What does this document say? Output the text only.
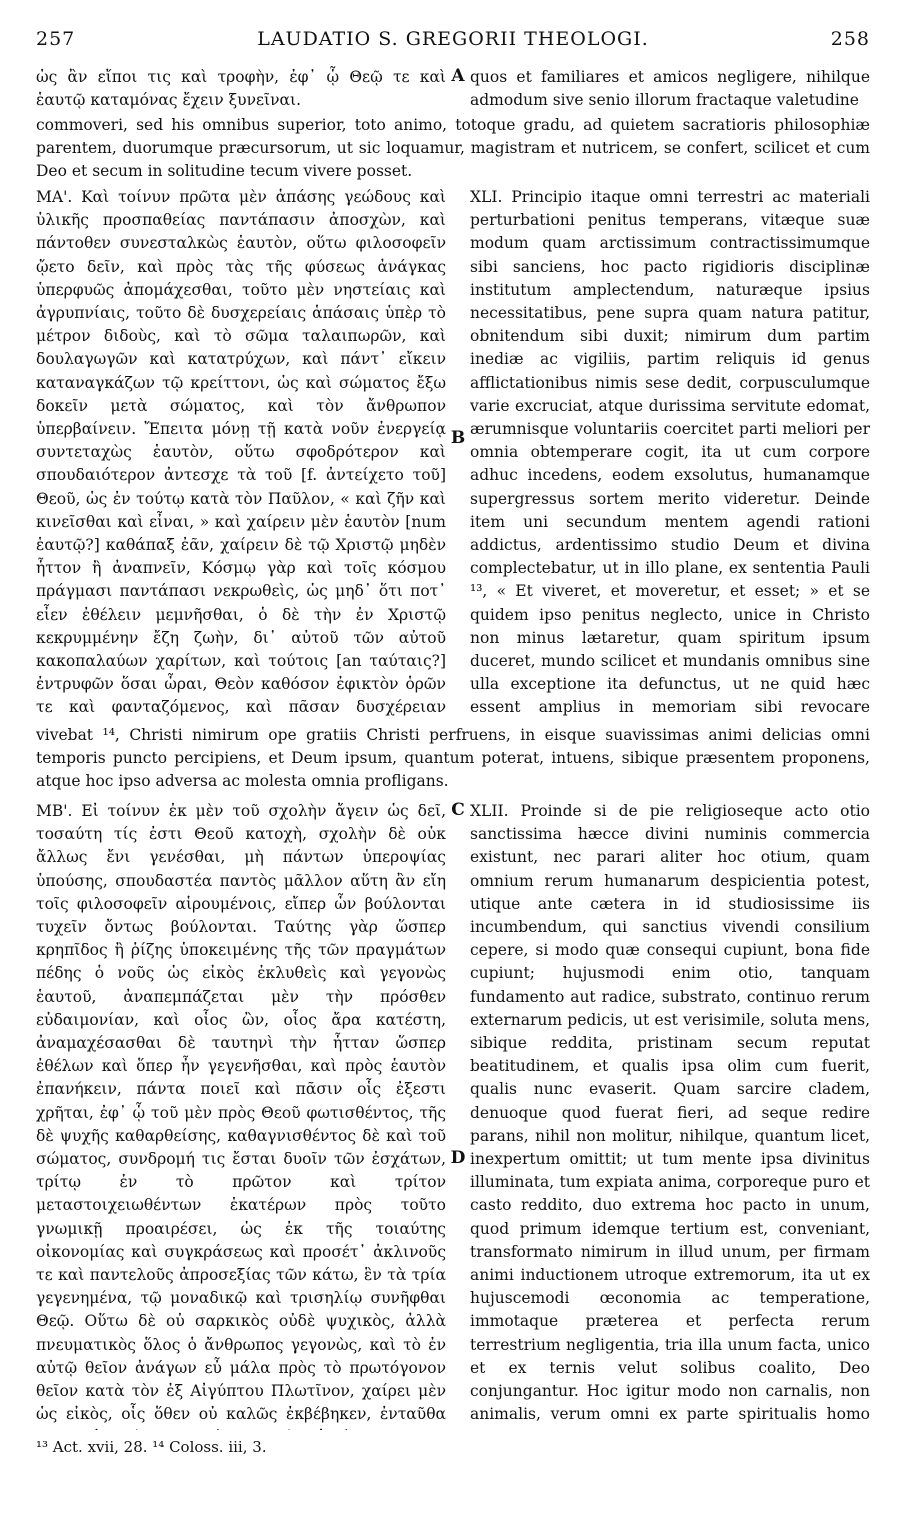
257	LAUDATIO S. GREGORII THEOLOGI.	258
ὡς ἂν εἴποι τις καὶ τροφὴν, ἐφ᾽ ᾧ Θεῷ τε καὶ ἑαυτῷ καταμόνας ἔχειν ξυνεῖναι.
A quos et familiares et amicos negligere, nihilque admodum sive senio illorum fractaque valetudine
commoveri, sed his omnibus superior, toto animo, totoque gradu, ad quietem sacratioris philosophiæ parentem, duorumque præcursorum, ut sic loquamur, magistram et nutricem, se confert, scilicet et cum Deo et secum in solitudine tecum vivere posset.
ΜΑ'. Καὶ τοίνυν πρῶτα μὲν ἁπάσης γεώδους καὶ ὑλικῆς προσπαθείας παντάπασιν ἀποσχὼν, καὶ πάντοθεν συνεσταλκὼς ἑαυτὸν, οὕτω φιλοσοφεῖν ᾤετο δεῖν, καὶ πρὸς τὰς τῆς φύσεως ἀνάγκας ὑπερφυῶς ἀπομάχεσθαι, τοῦτο μὲν νηστείαις καὶ ἀγρυπνίαις, τοῦτο δὲ δυσχερείαις ἁπάσαις ὑπὲρ τὸ μέτρον διδοὺς, καὶ τὸ σῶμα ταλαιπωρῶν, καὶ δουλαγωγῶν καὶ κατατρύχων, καὶ πάντ᾽ εἴκειν καταναγκάζων τῷ κρείττονι, ὡς καὶ σώματος ἔξω δοκεῖν μετὰ σώματος, καὶ τὸν ἄνθρωπον ὑπερβαίνειν. Ἔπειτα μόνῃ τῇ κατὰ νοῦν ἐνεργείᾳ συντεταχὼς ἑαυτὸν, οὕτω σφοδρότερον καὶ σπουδαιότερον ἀντεσχε τὰ τοῦ [f. ἀντείχετο τοῦ] Θεοῦ, ὡς ἐν τούτῳ κατὰ τὸν Παῦλον, « καὶ ζῆν καὶ κινεῖσθαι καὶ εἶναι, » καὶ χαίρειν μὲν ἑαυτὸν [num ἑαυτῷ?] καθάπαξ ἐᾶν, χαίρειν δὲ τῷ Χριστῷ μηδὲν ἧττον ἢ ἀναπνεῖν, Κόσμῳ γὰρ καὶ τοῖς κόσμου πράγμασι παντάπασι νεκρωθεὶς, ὡς μηδ᾽ ὅτι ποτ᾽ εἶεν ἐθέλειν μεμνῆσθαι, ὁ δὲ τὴν ἐν Χριστῷ κεκρυμμένην ἔζη ζωὴν, δι᾽ αὐτοῦ τῶν αὐτοῦ κακοπαλαύων χαρίτων, καὶ τούτοις [an ταύταις?] ἐντρυφῶν ὅσαι ὧραι, Θεὸν καθόσον ἐφικτὸν ὁρῶν τε καὶ φανταζόμενος, καὶ πᾶσαν δυσχέρειαν
B
XLI. Principio itaque omni terrestri ac materiali perturbationi penitus temperans, vitæque suæ modum quam arctissimum contractissimumque sibi sanciens, hoc pacto rigidioris disciplinæ institutum amplectendum, naturæque ipsius necessitatibus, pene supra quam natura patitur, obnitendum sibi duxit; nimirum dum partim inediæ ac vigiliis, partim reliquis id genus afflictationibus nimis sese dedit, corpusculumque varie excruciat, atque durissima servitute edomat, ærumnisque voluntariis coercitet parti meliori per omnia obtemperare cogit, ita ut cum corpore adhuc incedens, eodem exsolutus, humanamque supergressus sortem merito videretur. Deinde item uni secundum mentem agendi rationi addictus, ardentissimo studio Deum et divina complectebatur, ut in illo plane, ex sententia Pauli ¹³, « Et viveret, et moveretur, et esset; » et se quidem ipso penitus neglecto, unice in Christo non minus lætaretur, quam spiritum ipsum duceret, mundo scilicet et mundanis omnibus sine ulla exceptione ita defunctus, ut ne quid hæc essent amplius in memoriam sibi revocare
vivebat ¹⁴, Christi nimirum ope gratiis Christi perfruens, in eisque suavissimas animi delicias omni temporis puncto percipiens, et Deum ipsum, quantum poterat, intuens, sibique præsentem proponens, atque hoc ipso adversa ac molesta omnia profligans.
ΜΒ'. Εἰ τοίνυν ἐκ μὲν τοῦ σχολὴν ἄγειν ὡς δεῖ, τοσαύτη τίς ἐστι Θεοῦ κατοχὴ, σχολὴν δὲ οὐκ ἄλλως ἔνι γενέσθαι, μὴ πάντων ὑπεροψίας ὑπούσης, σπουδαστέα παντὸς μᾶλλον αὕτη ἂν εἴη τοῖς φιλοσοφεῖν αἱρουμένοις, εἴπερ ὧν βούλονται τυχεῖν ὄντως βούλονται. Ταύτης γὰρ ὥσπερ κρηπῖδος ἢ ῥίζης ὑποκειμένης τῆς τῶν πραγμάτων πέδης ὁ νοῦς ὡς εἰκὸς ἐκλυθεὶς καὶ γεγονὼς ἑαυτοῦ, ἀναπεμπάζεται μὲν τὴν πρόσθεν εὐδαιμονίαν, καὶ οἷος ὢν, οἷος ἄρα κατέστη, ἀναμαχέσασθαι δὲ ταυτηνὶ τὴν ἧτταν ὥσπερ ἐθέλων καὶ ὅπερ ἦν γεγενῆσθαι, καὶ πρὸς ἑαυτὸν ἐπανήκειν, πάντα ποιεῖ καὶ πᾶσιν οἷς ἐξεστι χρῆται, ἐφ᾽ ᾧ τοῦ μὲν πρὸς Θεοῦ φωτισθέντος, τῆς δὲ ψυχῆς καθαρθείσης, καθαγνισθέντος δὲ καὶ τοῦ σώματος, συνδρομή τις ἔσται δυοῖν τῶν ἐσχάτων, τρίτῳ ἐν τὸ πρῶτον καὶ τρίτον μεταστοιχειωθέντων ἑκατέρων πρὸς τοῦτο γνωμικῇ προαιρέσει, ὡς ἐκ τῆς τοιαύτης οἰκονομίας καὶ συγκράσεως καὶ προσέτ᾽ ἀκλινοῦς τε καὶ παντελοῦς ἀπροσεξίας τῶν κάτω, ἓν τὰ τρία γεγενημένα, τῷ μοναδικῷ καὶ τρισηλίῳ συνῆφθαι Θεῷ. Οὕτω δὲ οὐ σαρκικὸς οὐδὲ ψυχικὸς, ἀλλὰ πνευματικὸς ὅλος ὁ ἄνθρωπος γεγονὼς, καὶ τὸ ἐν αὐτῷ θεῖον ἀνάγων εὖ μάλα πρὸς τὸ πρωτόγονον θεῖον κατὰ τὸν ἐξ Αἰγύπτου Πλωτῖνον, χαίρει μὲν ὡς εἰκὸς, οἷς ὅθεν οὐ καλῶς ἐκβέβηκεν, ἐνταῦθα
C
D
XLII. Proinde si de pie religioseque acto otio sanctissima hæcce divini numinis commercia existunt, nec parari aliter hoc otium, quam omnium rerum humanarum despicientia potest, utique ante cætera in id studiosissime iis incumbendum, qui sanctius vivendi consilium cepere, si modo quæ consequi cupiunt, bona fide cupiunt; hujusmodi enim otio, tanquam fundamento aut radice, substrato, continuo rerum externarum pedicis, ut est verisimile, soluta mens, sibique reddita, pristinam secum reputat beatitudinem, et qualis ipsa olim cum fuerit, qualis nunc evaserit. Quam sarcire cladem, denuoque quod fuerat fieri, ad seque redire parans, nihil non molitur, nihilque, quantum licet, inexpertum omittit; ut tum mente ipsa divinitus illuminata, tum expiata anima, corporeque puro et casto reddito, duo extrema hoc pacto in unum, quod primum idemque tertium est, conveniant, transformato nimirum in illud unum, per firmam animi inductionem utroque extremorum, ita ut ex hujuscemodi œconomia ac temperatione, immotaque præterea et perfecta rerum terrestrium negligentia, tria illa unum facta, unico et ex ternis velut solibus coalito, Deo conjungantur. Hoc igitur modo non carnalis, non animalis, verum omni ex parte spiritualis homo
¹³ Act. xvii, 28. ¹⁴ Coloss. iii, 3.
